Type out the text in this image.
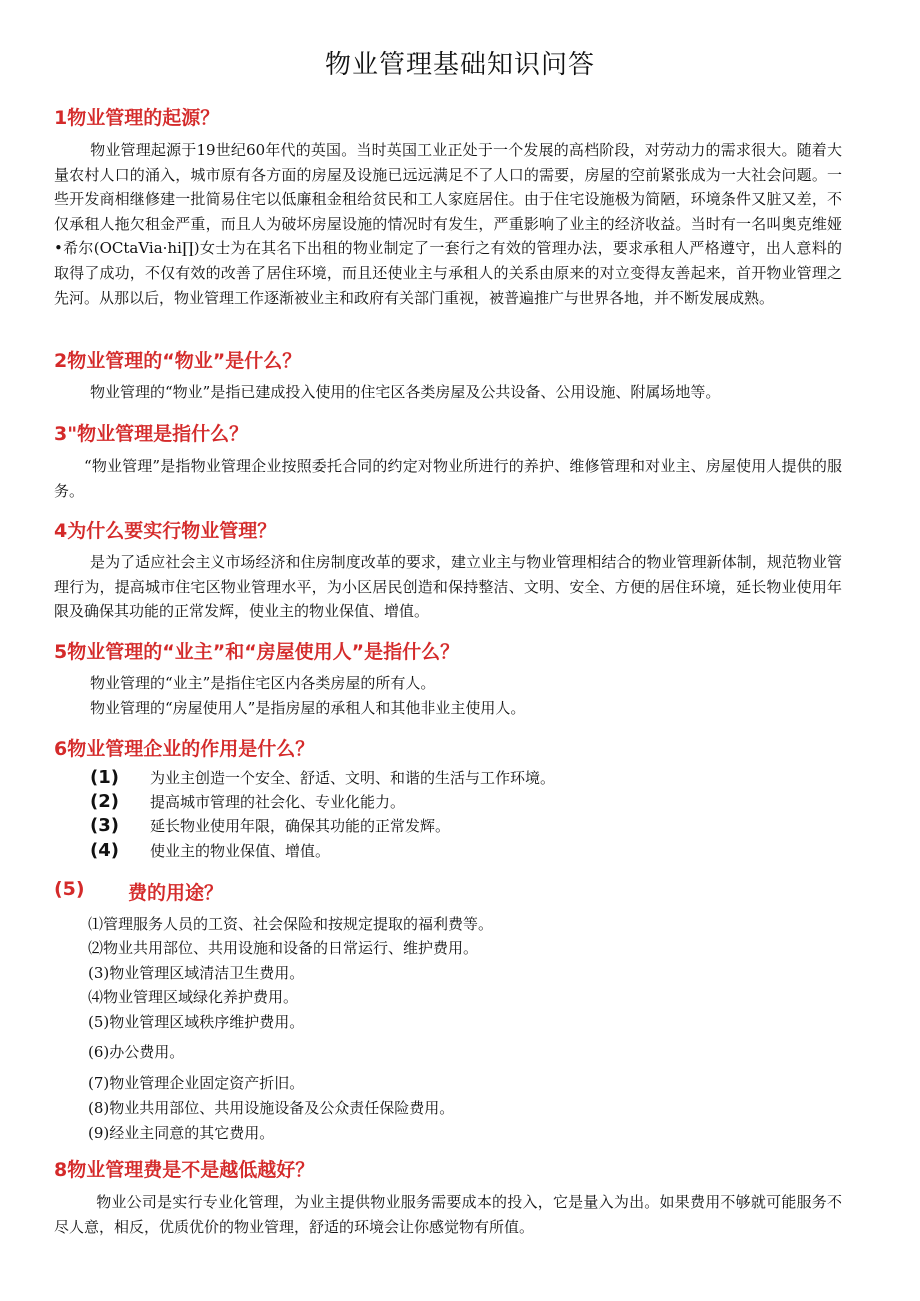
物业管理基础知识问答
1物业管理的起源？
物业管理起源于19世纪60年代的英国。当时英国工业正处于一个发展的高档阶段，对劳动力的需求很大。随着大量农村人口的涌入，城市原有各方面的房屋及设施已远远满足不了人口的需要，房屋的空前紧张成为一大社会问题。一些开发商相继修建一批简易住宅以低廉租金租给贫民和工人家庭居住。由于住宅设施极为简陋，环境条件又脏又差，不仅承租人拖欠租金严重，而且人为破坏房屋设施的情况时有发生，严重影响了业主的经济收益。当时有一名叫奥克维娅•希尔(OCtaVia·hi∏)女士为在其名下出租的物业制定了一套行之有效的管理办法，要求承租人严格遵守，出人意料的取得了成功，不仅有效的改善了居住环境，而且还使业主与承租人的关系由原来的对立变得友善起来，首开物业管理之先河。从那以后，物业管理工作逐渐被业主和政府有关部门重视，被普遍推广与世界各地，并不断发展成熟。
2物业管理的“物业”是什么？
物业管理的“物业”是指已建成投入使用的住宅区各类房屋及公共设备、公用设施、附属场地等。
3"物业管理是指什么？
“物业管理”是指物业管理企业按照委托合同的约定对物业所进行的养护、维修管理和对业主、房屋使用人提供的服务。
4为什么要实行物业管理？
是为了适应社会主义市场经济和住房制度改革的要求，建立业主与物业管理相结合的物业管理新体制，规范物业管理行为，提高城市住宅区物业管理水平，为小区居民创造和保持整洁、文明、安全、方便的居住环境，延长物业使用年限及确保其功能的正常发辉，使业主的物业保值、增值。
5物业管理的“业主”和“房屋使用人”是指什么？
物业管理的“业主”是指住宅区内各类房屋的所有人。
物业管理的“房屋使用人”是指房屋的承租人和其他非业主使用人。
6物业管理企业的作用是什么？
(1) 为业主创造一个安全、舒适、文明、和谐的生活与工作环境。
(2) 提高城市管理的社会化、专业化能力。
(3) 延长物业使用年限，确保其功能的正常发辉。
(4) 使业主的物业保值、增值。
(5) 费的用途？
⑴管理服务人员的工资、社会保险和按规定提取的福利费等。
⑵物业共用部位、共用设施和设备的日常运行、维护费用。
(3)物业管理区域清洁卫生费用。
⑷物业管理区域绿化养护费用。
(5)物业管理区域秩序维护费用。
(6)办公费用。
(7)物业管理企业固定资产折旧。
(8)物业共用部位、共用设施设备及公众责任保险费用。
(9)经业主同意的其它费用。
8物业管理费是不是越低越好？
物业公司是实行专业化管理，为业主提供物业服务需要成本的投入，它是量入为出。如果费用不够就可能服务不尽人意，相反，优质优价的物业管理，舒适的环境会让你感觉物有所值。
